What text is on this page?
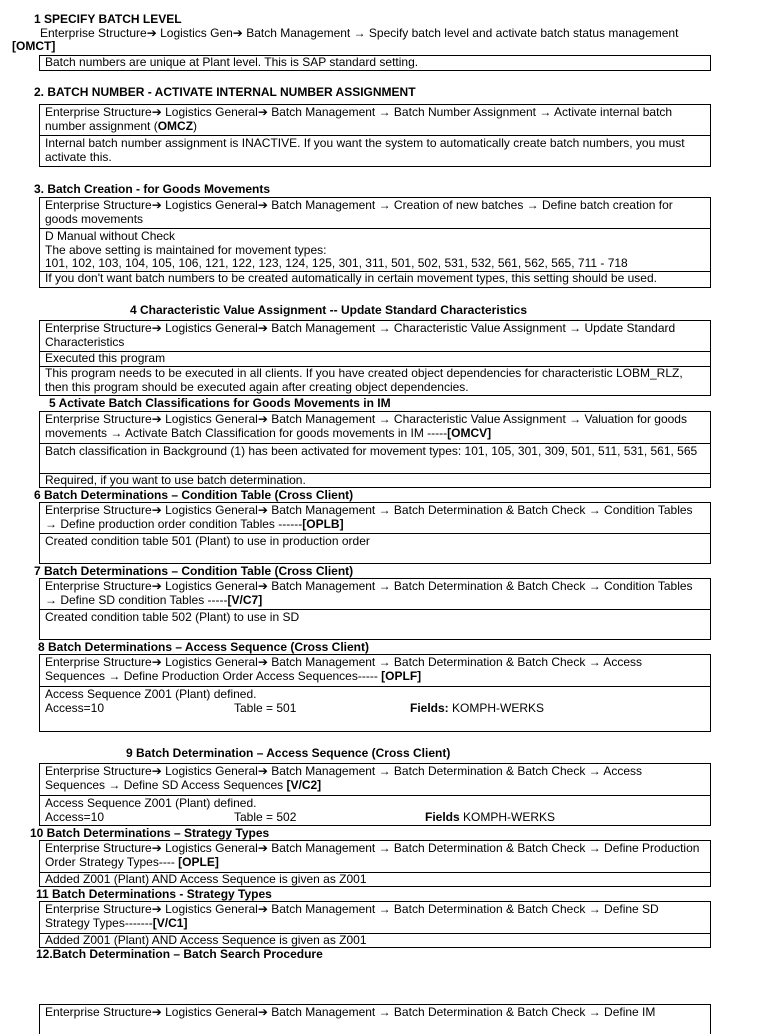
1 SPECIFY BATCH LEVEL
Enterprise Structure➔ Logistics Gen➔ Batch Management → Specify batch level and activate batch status management
[OMCT]
Batch numbers are unique at Plant level. This is SAP standard setting.
2. BATCH NUMBER - ACTIVATE INTERNAL NUMBER ASSIGNMENT
Enterprise Structure➔ Logistics General➔ Batch Management → Batch Number Assignment → Activate internal batch number assignment (OMCZ)
Internal batch number assignment is INACTIVE. If you want the system to automatically create batch numbers, you must activate this.
3. Batch Creation - for Goods Movements
Enterprise Structure➔ Logistics General➔ Batch Management → Creation of new batches → Define batch creation for goods movements
D Manual without Check
The above setting is maintained for movement types:
101, 102, 103, 104, 105, 106, 121, 122, 123, 124, 125, 301, 311, 501, 502, 531, 532, 561, 562, 565, 711 - 718
If you don't want batch numbers to be created automatically in certain movement types, this setting should be used.
4 Characteristic Value Assignment -- Update Standard Characteristics
Enterprise Structure➔ Logistics General➔ Batch Management → Characteristic Value Assignment → Update Standard Characteristics
Executed this program
This program needs to be executed in all clients. If you have created object dependencies for characteristic LOBM_RLZ, then this program should be executed again after creating object dependencies.
5 Activate Batch Classifications for Goods Movements in IM
Enterprise Structure➔ Logistics General➔ Batch Management → Characteristic Value Assignment → Valuation for goods movements → Activate Batch Classification for goods movements in IM -----[OMCV]
Batch classification in Background (1) has been activated for movement types: 101, 105, 301, 309, 501, 511, 531, 561, 565
Required, if you want to use batch determination.
6 Batch Determinations – Condition Table (Cross Client)
Enterprise Structure➔ Logistics General➔ Batch Management → Batch Determination & Batch Check → Condition Tables → Define production order condition Tables ------[OPLB]
Created condition table 501 (Plant) to use in production order
7 Batch Determinations – Condition Table (Cross Client)
Enterprise Structure➔ Logistics General➔ Batch Management → Batch Determination & Batch Check → Condition Tables → Define SD condition Tables -----[V/C7]
Created condition table 502 (Plant) to use in SD
8 Batch Determinations – Access Sequence (Cross Client)
Enterprise Structure➔ Logistics General➔ Batch Management → Batch Determination & Batch Check → Access Sequences → Define Production Order Access Sequences----- [OPLF]
Access Sequence Z001 (Plant) defined.
Access=10	Table = 501	Fields: KOMPH-WERKS
9 Batch Determination – Access Sequence (Cross Client)
Enterprise Structure➔ Logistics General➔ Batch Management → Batch Determination & Batch Check → Access Sequences → Define SD Access Sequences [V/C2]
Access Sequence Z001 (Plant) defined.
Access=10	Table = 502	Fields KOMPH-WERKS
10 Batch Determinations – Strategy Types
Enterprise Structure➔ Logistics General➔ Batch Management → Batch Determination & Batch Check → Define Production Order Strategy Types---- [OPLE]
Added Z001 (Plant) AND Access Sequence is given as Z001
11 Batch Determinations - Strategy Types
Enterprise Structure➔ Logistics General➔ Batch Management → Batch Determination & Batch Check → Define SD Strategy Types-------[V/C1]
Added Z001 (Plant) AND Access Sequence is given as Z001
12.Batch Determination – Batch Search Procedure
Enterprise Structure➔ Logistics General➔ Batch Management → Batch Determination & Batch Check → Define IM
